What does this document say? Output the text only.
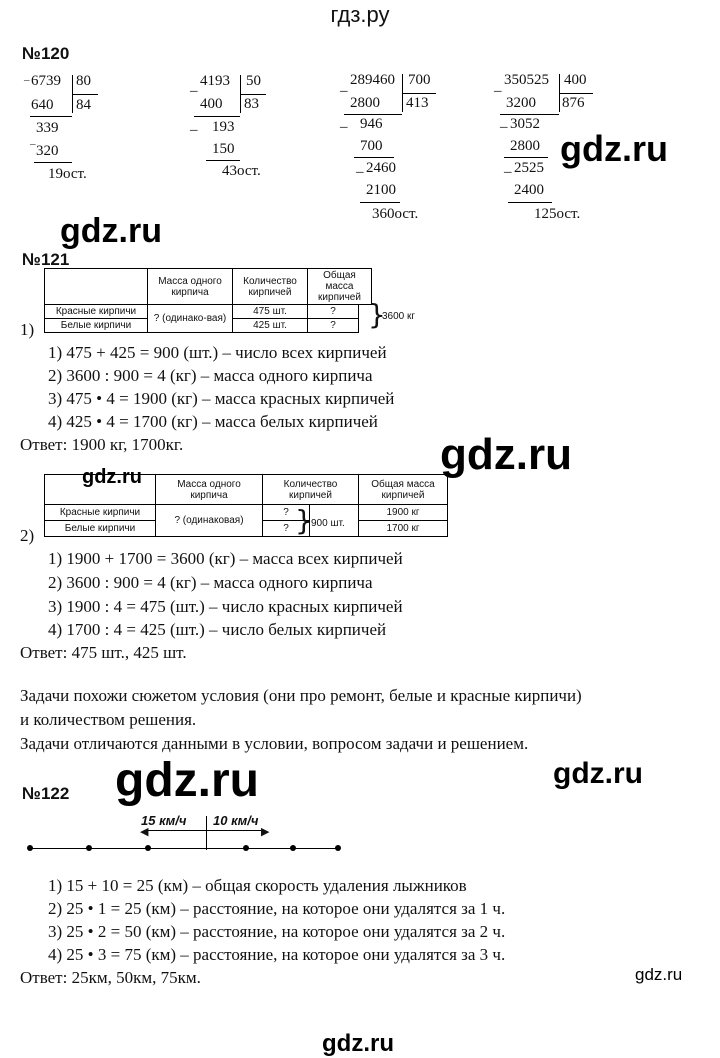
гдз.ру
№120
– 6739 80
84
640
339
– 320
19ост.
–
4193 50
83
400
– 193
150
43ост.
–
289460 700
413
2800
– 946
700
– 2460
2100
360ост.
–
350525 400
876
3200
– 3052
2800
– 2525
2400
125ост.
gdz.ru
gdz.ru
№121
1)
	Масса одного кирпича	Количество кирпичей	Общая масса кирпичей	
Красные кирпичи	? (одинако-вая)	475 шт.	?	
Белые кирпичи		425 шт.	?	}
3600 кг
1) 475 + 425 = 900 (шт.) – число всех кирпичей
2) 3600 : 900 = 4 (кг) – масса одного кирпича
3) 475 • 4 = 1900 (кг) – масса красных кирпичей
4) 425 • 4 = 1700 (кг) – масса белых кирпичей
Ответ: 1900 кг, 1700кг.	gdz.ru
gdz.ru
2)
	Масса одного кирпича	Количество кирпичей		Общая масса кирпичей
Красные кирпичи	? (одинаковая)	?		1900 кг
Белые кирпичи		?		1700 кг
}
900 шт.
1) 1900 + 1700 = 3600 (кг) – масса всех кирпичей
2) 3600 : 900 = 4 (кг) – масса одного кирпича
3) 1900 : 4 = 475 (шт.) – число красных кирпичей
4) 1700 : 4 = 425 (шт.) – число белых кирпичей
Ответ: 475 шт., 425 шт.
Задачи похожи сюжетом условия (они про ремонт, белые и красные кирпичи)
и количеством решения.
Задачи отличаются данными в условии, вопросом задачи и решением.
gdz.ru	gdz.ru
№122
15 км/ч 10 км/ч
◀	▶
1) 15 + 10 = 25 (км) – общая скорость удаления лыжников
2) 25 • 1 = 25 (км) – расстояние, на которое они удалятся за 1 ч.
3) 25 • 2 = 50 (км) – расстояние, на которое они удалятся за 2 ч.
4) 25 • 3 = 75 (км) – расстояние, на которое они удалятся за 3 ч.
Ответ: 25км, 50км, 75км.	gdz.ru
gdz.ru
